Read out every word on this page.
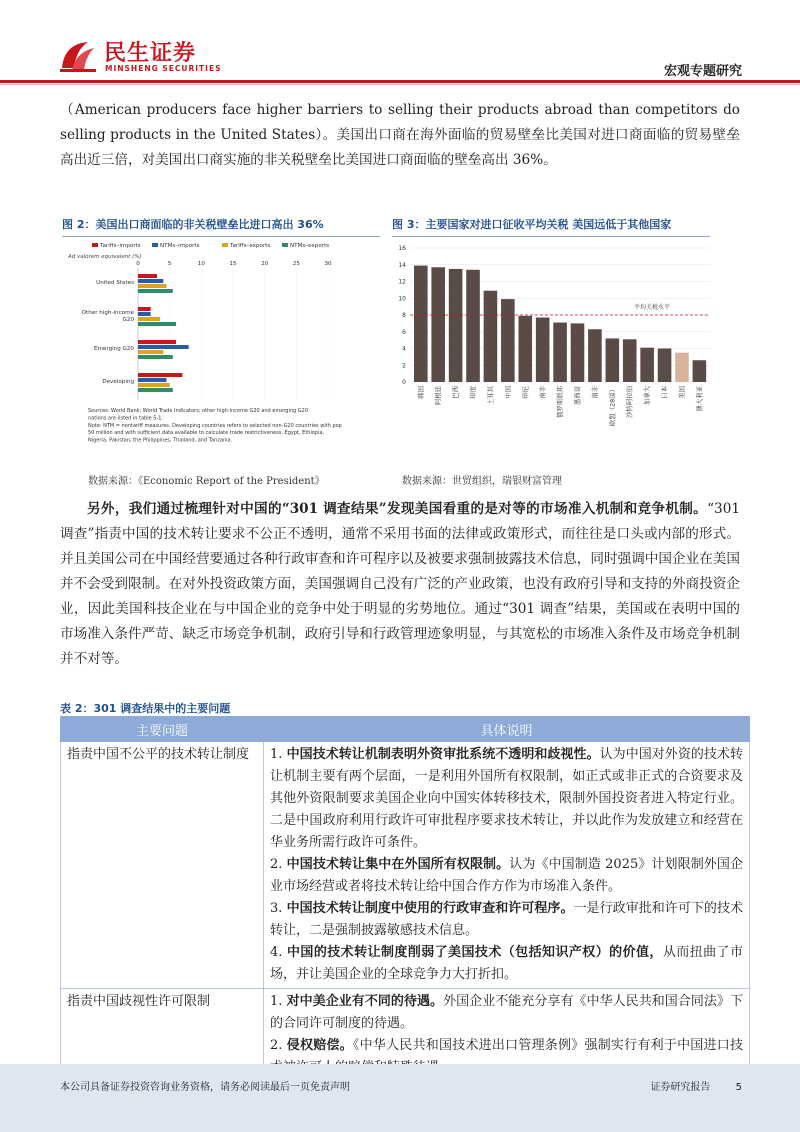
民生证券
MINSHENG SECURITIES	宏观专题研究
（American producers face higher barriers to selling their products abroad than competitors do selling products in the United States）。美国出口商在海外面临的贸易壁垒比美国对进口商面临的贸易壁垒高出近三倍，对美国出口商实施的非关税壁垒比美国进口商面临的壁垒高出 36%。
图 2：美国出口商面临的非关税壁垒比进口高出 36%
Tariffs–imports	NTMs–imports	Tariffs–exports	NTMs–exports
Ad valorem equivalent (%)
0	5	10	15	20	25	30
United States
Other high-income
G20
Emerging G20
Developing
Sources: World Bank; World Trade Indicators; other high-income G20 and emerging G20
nations are listed in table 5-1.
Note: NTM = nontariff measures. Developing countries refers to selected non-G20 countries with pop
50 million and with sufficient data available to calculate trade restrictiveness: Egypt, Ethiopia,
Nigeria, Pakistan, the Philippines, Thailand, and Tanzania.
数据来源：《Economic Report of the President》
图 3：主要国家对进口征收平均关税 美国远低于其他国家
0
2
4
6
8
10
12
14
16
平均关税水平
韩国 阿根廷 巴西 印度 土耳其 中国 印尼 南非 俄罗斯联邦 墨西哥 南非 欧盟（28国） 沙特阿拉伯 加拿大 日本 美国 澳大利亚
数据来源：世贸组织，瑞银财富管理
另外，我们通过梳理针对中国的“301 调查结果”发现美国看重的是对等的市场准入机制和竞争机制。“301 调查”指责中国的技术转让要求不公正不透明，通常不采用书面的法律或政策形式，而往往是口头或内部的形式。并且美国公司在中国经营要通过各种行政审查和许可程序以及被要求强制披露技术信息，同时强调中国企业在美国并不会受到限制。在对外投资政策方面，美国强调自己没有广泛的产业政策，也没有政府引导和支持的外商投资企业，因此美国科技企业在与中国企业的竞争中处于明显的劣势地位。通过“301 调查”结果，美国或在表明中国的市场准入条件严苛、缺乏市场竞争机制，政府引导和行政管理迹象明显，与其宽松的市场准入条件及市场竞争机制并不对等。
表 2：301 调查结果中的主要问题
主要问题	具体说明
指责中国不公平的技术转让制度	1. 中国技术转让机制表明外资审批系统不透明和歧视性。认为中国对外资的技术转让机制主要有两个层面，一是利用外国所有权限制，如正式或非正式的合资要求及其他外资限制要求美国企业向中国实体转移技术，限制外国投资者进入特定行业。二是中国政府利用行政许可审批程序要求技术转让，并以此作为发放建立和经营在华业务所需行政许可条件。

2. 中国技术转让集中在外国所有权限制。认为《中国制造 2025》计划限制外国企业市场经营或者将技术转让给中国合作方作为市场准入条件。

3. 中国技术转让制度中使用的行政审查和许可程序。一是行政审批和许可下的技术转让，二是强制披露敏感技术信息。

4. 中国的技术转让制度削弱了美国技术（包括知识产权）的价值，从而扭曲了市场，并让美国企业的全球竞争力大打折扣。

指责中国歧视性许可限制	1. 对中美企业有不同的待遇。外国企业不能充分享有《中华人民共和国合同法》下的合同许可制度的待遇。

2. 侵权赔偿。《中华人民共和国技术进出口管理条例》强制实行有利于中国进口技

本公司具备证券投资咨询业务资格，请务必阅读最后一页免责声明	证券研究报告	5
